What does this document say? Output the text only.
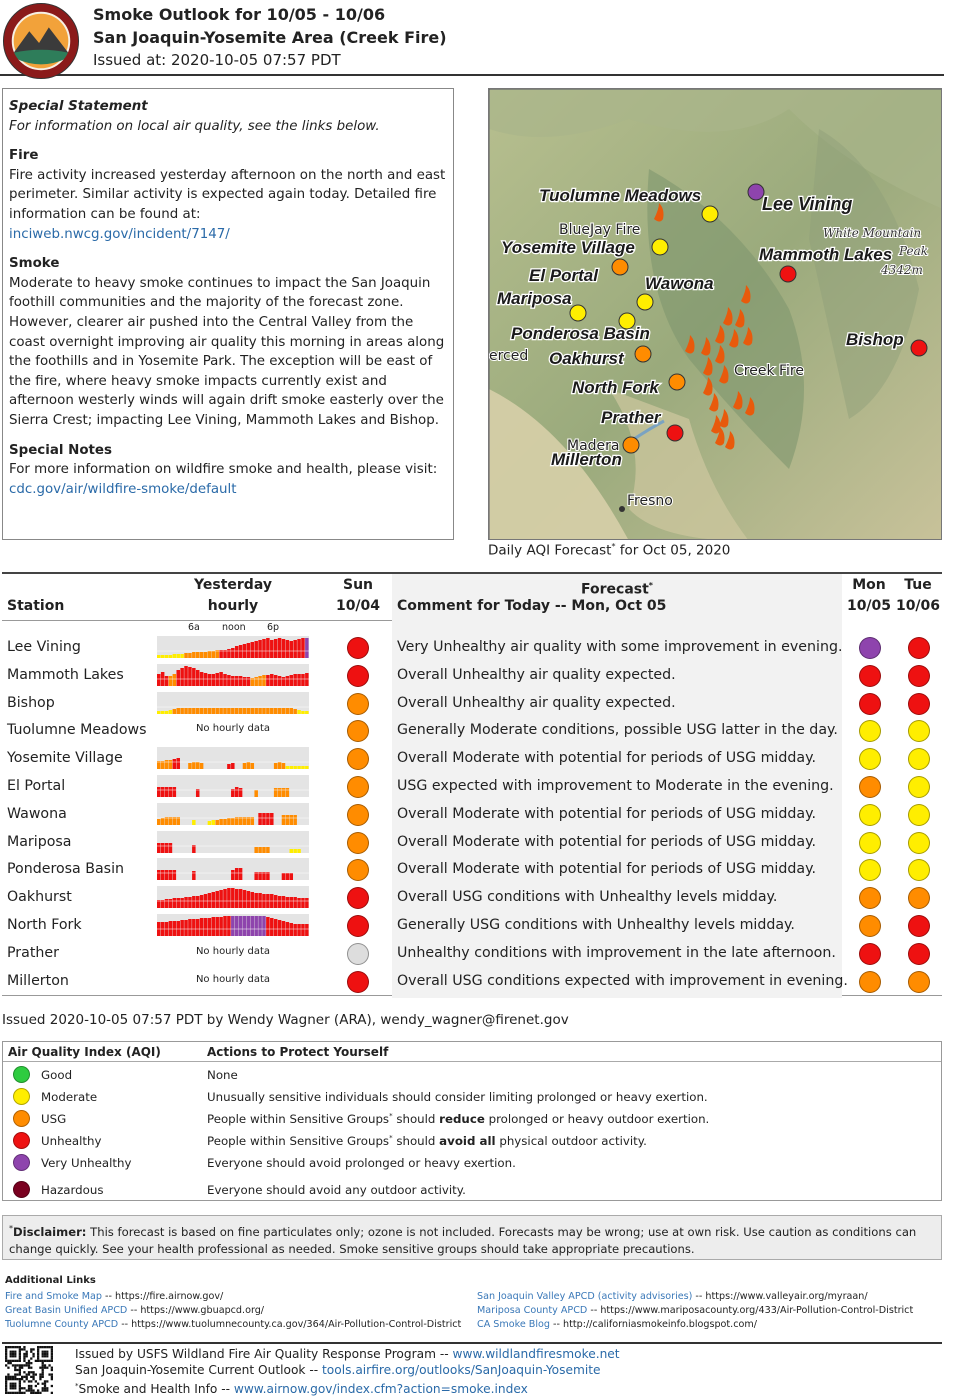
Smoke Outlook for 10/05 - 10/06
San Joaquin-Yosemite Area (Creek Fire)
Issued at: 2020-10-05 07:57 PDT
Special Statement
For information on local air quality, see the links below.
Fire

Fire activity increased yesterday afternoon on the north and east perimeter. Similar activity is expected again today. Detailed fire information can be found at:
inciweb.nwcg.gov/incident/7147/

Smoke

Moderate to heavy smoke continues to impact the San Joaquin foothill communities and the majority of the forecast zone. However, clearer air pushed into the Central Valley from the coast overnight improving air quality this morning in areas along the foothills and in Yosemite Park. The exception will be east of the fire, where heavy smoke impacts currently exist and afternoon westerly winds will again drift smoke easterly over the Sierra Crest; impacting Lee Vining, Mammoth Lakes and Bishop.

Special Notes

For more information on wildfire smoke and health, please visit: cdc.gov/air/wildfire-smoke/default

Tuolumne Meadows	Lee Vining
Yosemite Village	Mammoth Lakes
El Portal	Wawona
Mariposa
Ponderosa Basin	Bishop
Oakhurst
North Fork
Prather
Millerton
BlueJay Fire
Creek Fire
Madera
Fresno
erced
White Mountain
Peak
4342m
Daily AQI Forecast* for Oct 05, 2020
Station
Yesterday
hourly
Sun
10/04
Forecast*
Comment for Today -- Mon, Oct 05
Mon
10/05
Tue
10/06
6a noon 6p
Lee Vining	Very Unhealthy air quality with some improvement in evening.
Mammoth Lakes	Overall Unhealthy air quality expected.
Bishop	Overall Unhealthy air quality expected.
Tuolumne Meadows	No hourly data	Generally Moderate conditions, possible USG latter in the day.
Yosemite Village	Overall Moderate with potential for periods of USG midday.
El Portal	USG expected with improvement to Moderate in the evening.
Wawona	Overall Moderate with potential for periods of USG midday.
Mariposa	Overall Moderate with potential for periods of USG midday.
Ponderosa Basin	Overall Moderate with potential for periods of USG midday.
Oakhurst	Overall USG conditions with Unhealthy levels midday.
North Fork	Generally USG conditions with Unhealthy levels midday.
Prather	No hourly data	Unhealthy conditions with improvement in the late afternoon.
Millerton	No hourly data	Overall USG conditions expected with improvement in evening.
Issued 2020-10-05 07:57 PDT by Wendy Wagner (ARA), wendy_wagner@firenet.gov
Air Quality Index (AQI)	Actions to Protect Yourself
Good	None
Moderate	Unusually sensitive individuals should consider limiting prolonged or heavy exertion.
USG	People within Sensitive Groups* should reduce prolonged or heavy outdoor exertion.
Unhealthy	People within Sensitive Groups* should avoid all physical outdoor activity.
Very Unhealthy	Everyone should avoid prolonged or heavy exertion.
Hazardous	Everyone should avoid any outdoor activity.
*Disclaimer: This forecast is based on fine particulates only; ozone is not included. Forecasts may be wrong; use at own risk. Use caution as conditions can change quickly. See your health professional as needed. Smoke sensitive groups should take appropriate precautions.
Additional Links
Fire and Smoke Map -- https://fire.airnow.gov/
Great Basin Unified APCD -- https://www.gbuapcd.org/
Tuolumne County APCD -- https://www.tuolumnecounty.ca.gov/364/Air-Pollution-Control-District
San Joaquin Valley APCD (activity advisories) -- https://www.valleyair.org/myraan/
Mariposa County APCD -- https://www.mariposacounty.org/433/Air-Pollution-Control-District
CA Smoke Blog -- http://californiasmokeinfo.blogspot.com/
Issued by USFS Wildland Fire Air Quality Response Program -- www.wildlandfiresmoke.net
San Joaquin-Yosemite Current Outlook -- tools.airfire.org/outlooks/SanJoaquin-Yosemite
*Smoke and Health Info -- www.airnow.gov/index.cfm?action=smoke.index
